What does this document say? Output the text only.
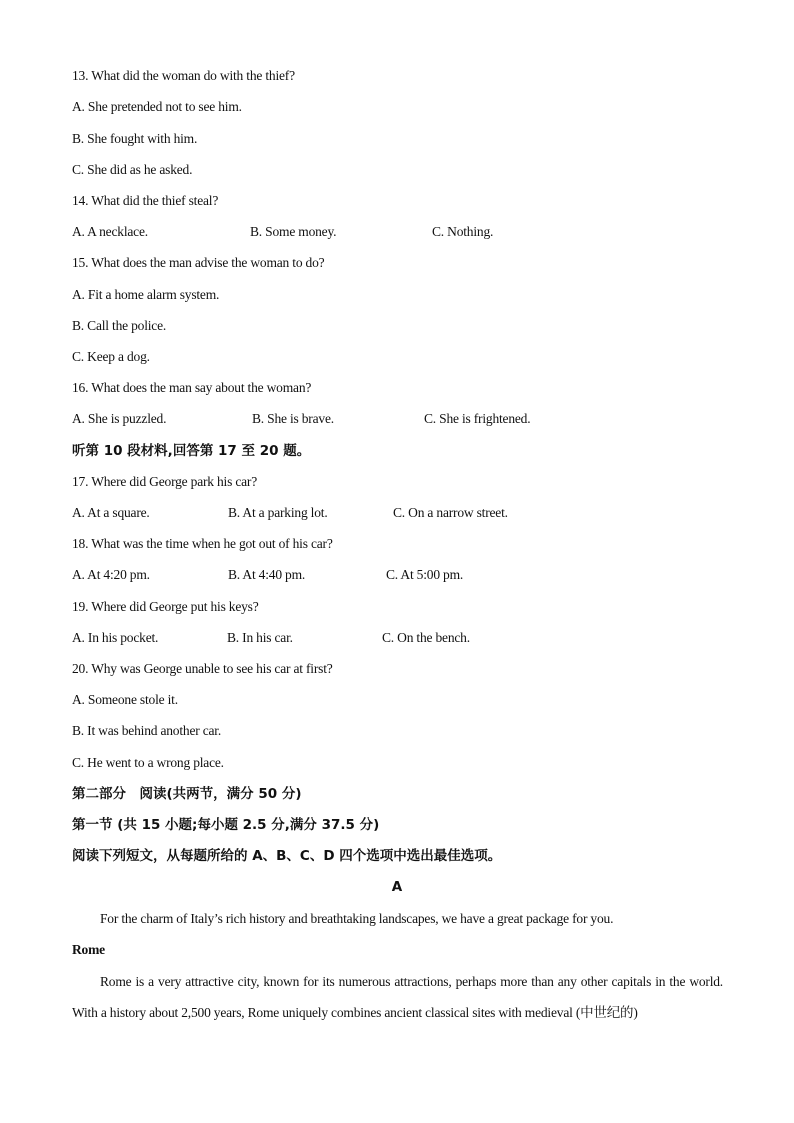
13. What did the woman do with the thief?
A. She pretended not to see him.
B. She fought with him.
C. She did as he asked.
14. What did the thief steal?
A. A necklace.	B. Some money.	C. Nothing.
15. What does the man advise the woman to do?
A. Fit a home alarm system.
B. Call the police.
C. Keep a dog.
16. What does the man say about the woman?
A. She is puzzled.	B. She is brave.	C. She is frightened.
听第 10 段材料,回答第 17 至 20 题。
17. Where did George park his car?
A. At a square.	B. At a parking lot.	C. On a narrow street.
18. What was the time when he got out of his car?
A. At 4:20 pm.	B. At 4:40 pm.	C. At 5:00 pm.
19. Where did George put his keys?
A. In his pocket.	B. In his car.	C. On the bench.
20. Why was George unable to see his car at first?
A. Someone stole it.
B. It was behind another car.
C. He went to a wrong place.
第二部分　阅读(共两节，满分 50 分)
第一节 (共 15 小题;每小题 2.5 分,满分 37.5 分)
阅读下列短文，从每题所给的 A、B、C、D 四个选项中选出最佳选项。
A
For the charm of Italy’s rich history and breathtaking landscapes, we have a great package for you.
Rome
Rome is a very attractive city, known for its numerous attractions, perhaps more than any other capitals in the world. With a history about 2,500 years, Rome uniquely combines ancient classical sites with medieval (中世纪的)
